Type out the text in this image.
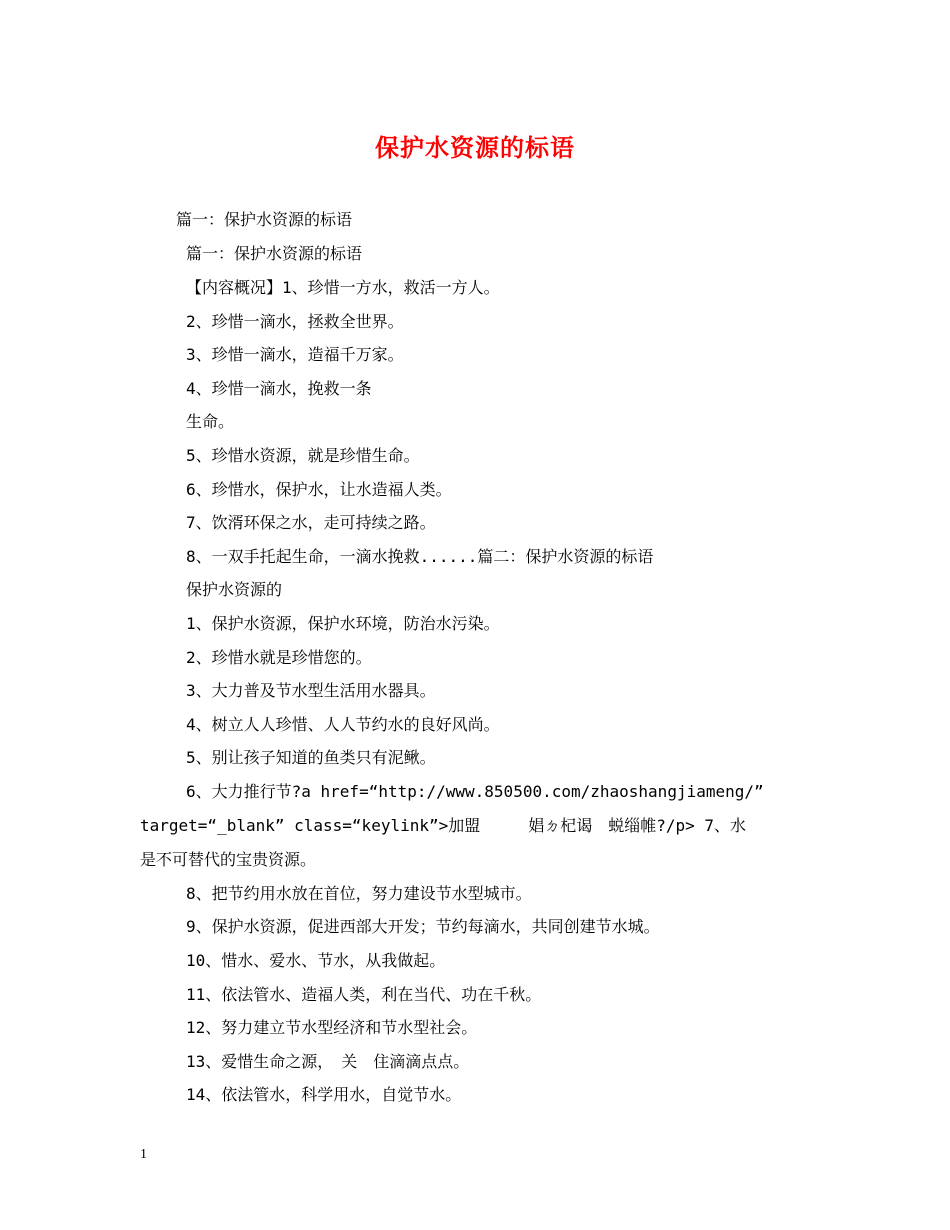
保护水资源的标语
篇一：保护水资源的标语
篇一：保护水资源的标语
【内容概况】1、珍惜一方水，救活一方人。
2、珍惜一滴水，拯救全世界。
3、珍惜一滴水，造福千万家。
4、珍惜一滴水，挽救一条
生命。
5、珍惜水资源，就是珍惜生命。
6、珍惜水，保护水，让水造福人类。
7、饮湑环保之水，走可持续之路。
8、一双手托起生命，一滴水挽救......篇二：保护水资源的标语
保护水资源的
1、保护水资源，保护水环境，防治水污染。
2、珍惜水就是珍惜您的。
3、大力普及节水型生活用水器具。
4、树立人人珍惜、人人节约水的良好风尚。
5、别让孩子知道的鱼类只有泥鳅。
6、大力推行节?a href=“http://www.850500.com/zhaoshangjiameng/”
target=“_blank” class=“keylink”>加盟　　　娼ㄉ杞谒　蜕缁帷?/p> 7、水
是不可替代的宝贵资源。
8、把节约用水放在首位，努力建设节水型城市。
9、保护水资源，促进西部大开发；节约每滴水，共同创建节水城。
10、惜水、爱水、节水，从我做起。
11、依法管水、造福人类，利在当代、功在千秋。
12、努力建立节水型经济和节水型社会。
13、爱惜生命之源，　关　住滴滴点点。
14、依法管水，科学用水，自觉节水。
1
